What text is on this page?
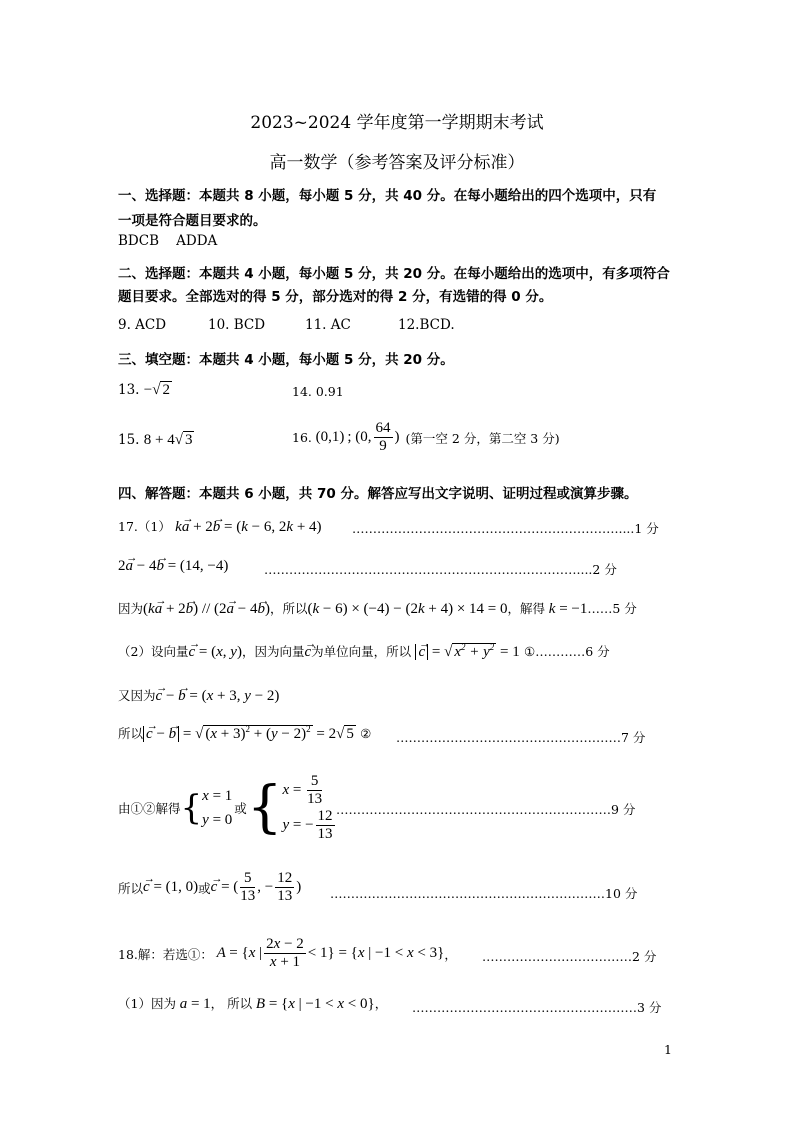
2023~2024 学年度第一学期期末考试
高一数学（参考答案及评分标准）
一、选择题：本题共 8 小题，每小题 5 分，共 40 分。在每小题给出的四个选项中，只有
一项是符合题目要求的。
BDCB    ADDA
二、选择题：本题共 4 小题，每小题 5 分，共 20 分。在每小题给出的选项中，有多项符合
题目要求。全部选对的得 5 分，部分选对的得 2 分，有选错的得 0 分。
9. ACD	10. BCD	11. AC	12.BCD.
三、填空题：本题共 4 小题，每小题 5 分，共 20 分。
13. −√ 2	14. 0.91
15. 8 + 4√ 3	16. (0,1) ; (0, $\frac{64}{9}$ ) (第一空 2 分，第二空 3 分)
四、解答题：本题共 6 小题，共 70 分。解答应写出文字说明、证明过程或演算步骤。
17.（1） k→ a + 2→ b = (k − 6, 2k + 4) ……………………………………………………….....1 分
2→ a − 4→ b = (14, −4)	…………………………………………………………………....2 分
因为(k→ a + 2→ b) // (2→ a − 4→ b)，所以(k − 6) × (−4) − (2k + 4) × 14 = 0，解得 k = −1……5 分
（2）设向量→ c = (x, y)，因为向量→ c为单位向量，所以 → c = √ $x^2 + y^2 = 1$ ①…………6 分
又因为→ c − → b = (x + 3, y − 2)
所以 → c − → b = √ $(x + 3)^2 + (y - 2)^2 = 2√$ 5 ② ………………………………………………7 分
由①②解得 { x = 1
y = 0
或 { $x = \frac{5}{13}$
y = − $\frac{12}{13}$ …………………………………………………………9 分
所以 → c = (1, 0) 或 → c = ( $\frac{5}{13}$ , − $\frac{12}{13}$ ) …………………………………………………………10 分
18.解：若选①： A = {x | $\frac{2x - 2}{x + 1} < 1$} = { x | −1 < x < 3} ， ………………………………2 分
（1）因为 a = 1， 所以 B = {x | −1 < x < 0}， ………………………………………………3 分
1
